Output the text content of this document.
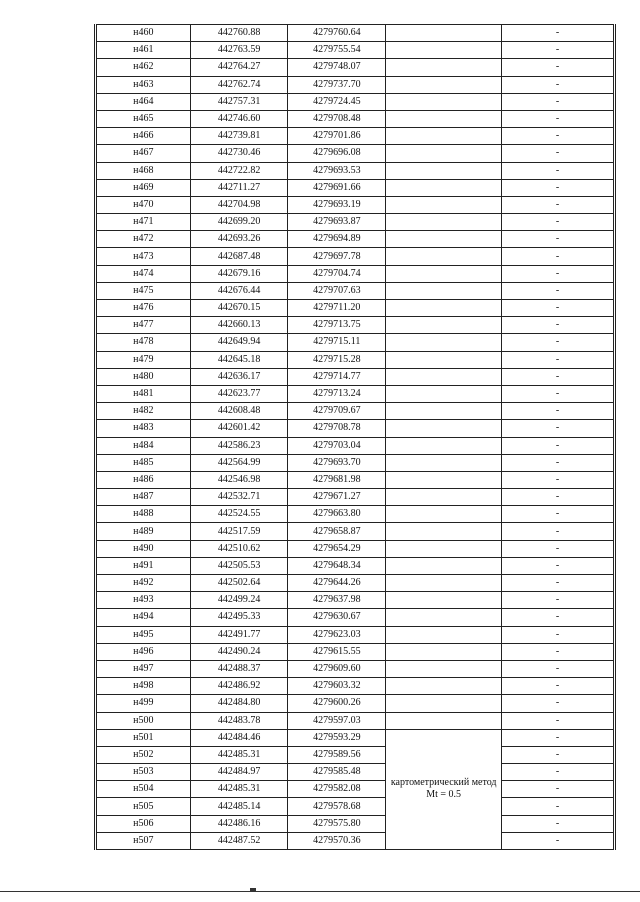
н460	442760.88	4279760.64		-
н461	442763.59	4279755.54		-
н462	442764.27	4279748.07		-
н463	442762.74	4279737.70		-
н464	442757.31	4279724.45		-
н465	442746.60	4279708.48		-
н466	442739.81	4279701.86		-
н467	442730.46	4279696.08		-
н468	442722.82	4279693.53		-
н469	442711.27	4279691.66		-
н470	442704.98	4279693.19		-
н471	442699.20	4279693.87		-
н472	442693.26	4279694.89		-
н473	442687.48	4279697.78		-
н474	442679.16	4279704.74		-
н475	442676.44	4279707.63		-
н476	442670.15	4279711.20		-
н477	442660.13	4279713.75		-
н478	442649.94	4279715.11		-
н479	442645.18	4279715.28		-
н480	442636.17	4279714.77		-
н481	442623.77	4279713.24		-
н482	442608.48	4279709.67		-
н483	442601.42	4279708.78		-
н484	442586.23	4279703.04		-
н485	442564.99	4279693.70		-
н486	442546.98	4279681.98		-
н487	442532.71	4279671.27		-
н488	442524.55	4279663.80		-
н489	442517.59	4279658.87		-
н490	442510.62	4279654.29		-
н491	442505.53	4279648.34		-
н492	442502.64	4279644.26		-
н493	442499.24	4279637.98		-
н494	442495.33	4279630.67		-
н495	442491.77	4279623.03		-
н496	442490.24	4279615.55		-
н497	442488.37	4279609.60		-
н498	442486.92	4279603.32		-
н499	442484.80	4279600.26		-
н500	442483.78	4279597.03		-
н501	442484.46	4279593.29	картометрический метод Mt = 0.5	-
н502	442485.31	4279589.56		-
н503	442484.97	4279585.48		-
н504	442485.31	4279582.08		-
н505	442485.14	4279578.68		-
н506	442486.16	4279575.80		-
н507	442487.52	4279570.36		-
